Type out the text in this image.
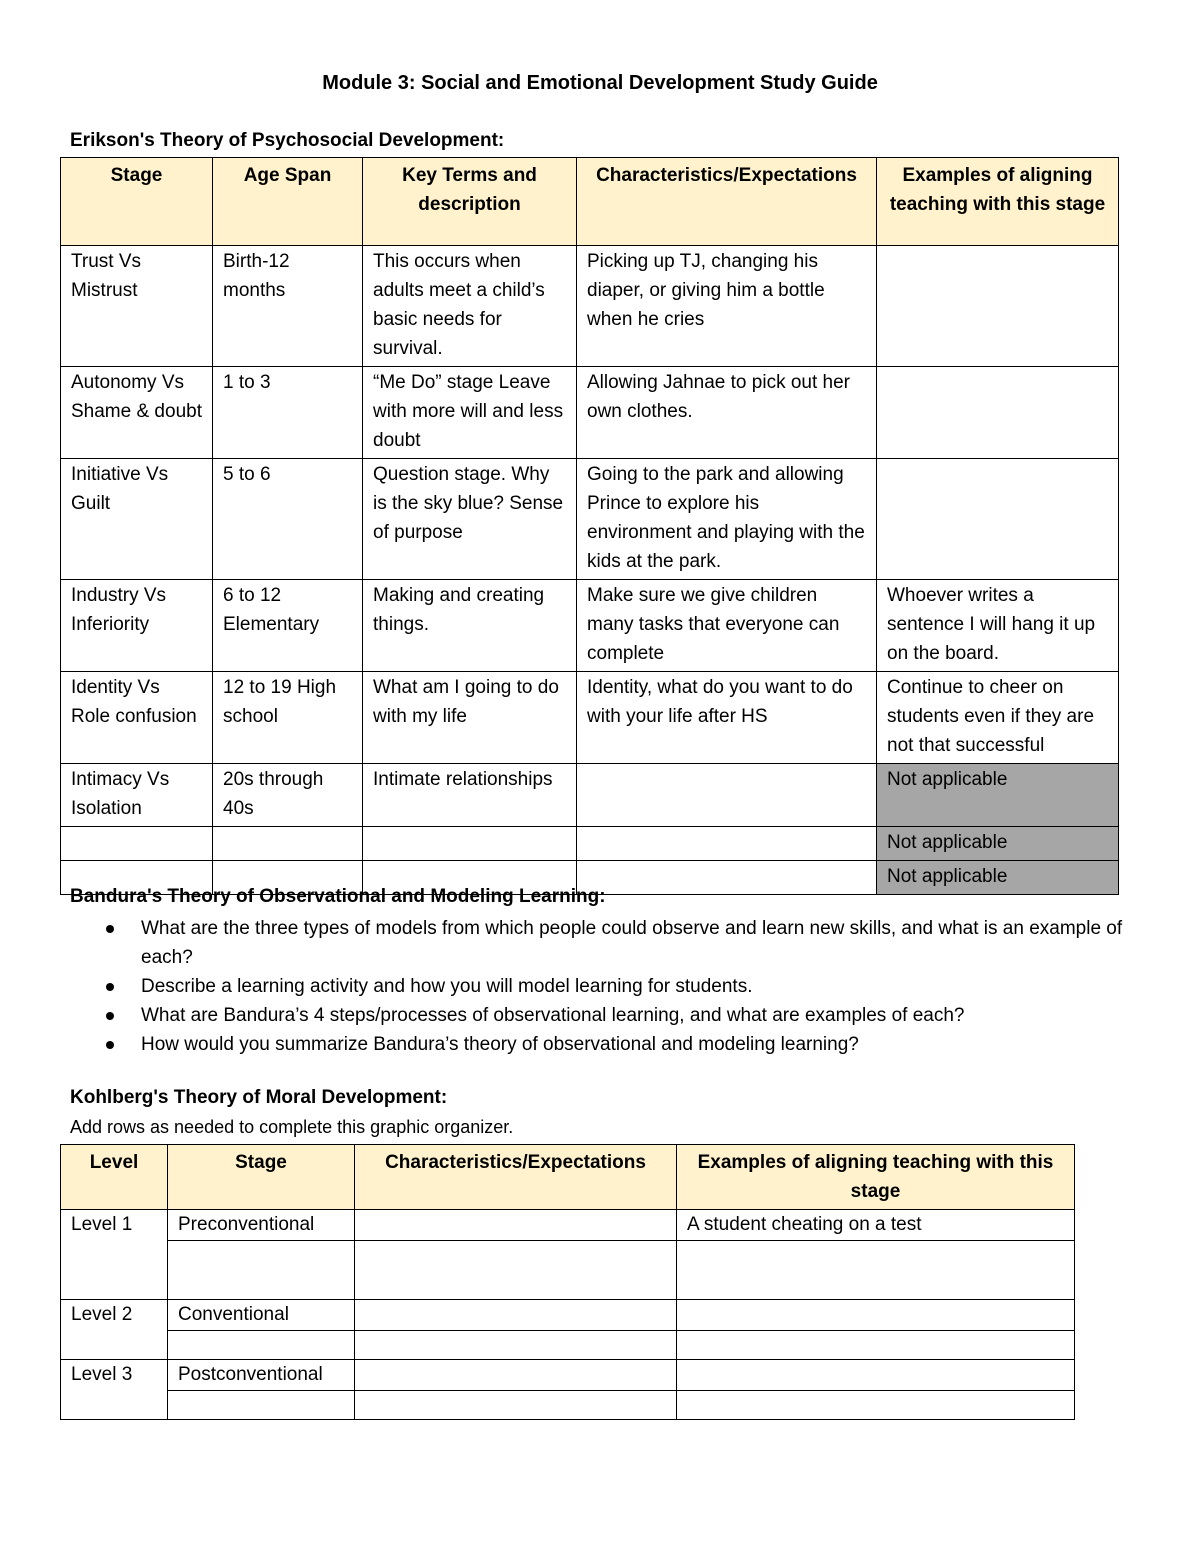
Module 3: Social and Emotional Development Study Guide
Erikson's Theory of Psychosocial Development:
Stage	Age Span	Key Terms and description	Characteristics/Expectations	Examples of aligning teaching with this stage
Trust Vs Mistrust	Birth-12 months	This occurs when adults meet a child’s basic needs for survival.	Picking up TJ, changing his diaper, or giving him a bottle when he cries	
Autonomy Vs Shame & doubt	1 to 3	“Me Do” stage Leave with more will and less doubt	Allowing Jahnae to pick out her own clothes.	
Initiative Vs Guilt	5 to 6	Question stage. Why is the sky blue? Sense of purpose	Going to the park and allowing Prince to explore his environment and playing with the kids at the park.	
Industry Vs Inferiority	6 to 12 Elementary	Making and creating things.	Make sure we give children many tasks that everyone can complete	Whoever writes a sentence I will hang it up on the board.
Identity Vs Role confusion	12 to 19 High school	What am I going to do with my life	Identity, what do you want to do with your life after HS	Continue to cheer on students even if they are not that successful
Intimacy Vs Isolation	20s through 40s	Intimate relationships		Not applicable
				Not applicable
				Not applicable
Bandura's Theory of Observational and Modeling Learning:
What are the three types of models from which people could observe and learn new skills, and what is an example of each?
Describe a learning activity and how you will model learning for students.
What are Bandura’s 4 steps/processes of observational learning, and what are examples of each?
How would you summarize Bandura’s theory of observational and modeling learning?
Kohlberg's Theory of Moral Development:
Add rows as needed to complete this graphic organizer.
Level	Stage	Characteristics/Expectations	Examples of aligning teaching with this stage
Level 1	Preconventional		A student cheating on a test

Level 2	Conventional		

Level 3	Postconventional		
